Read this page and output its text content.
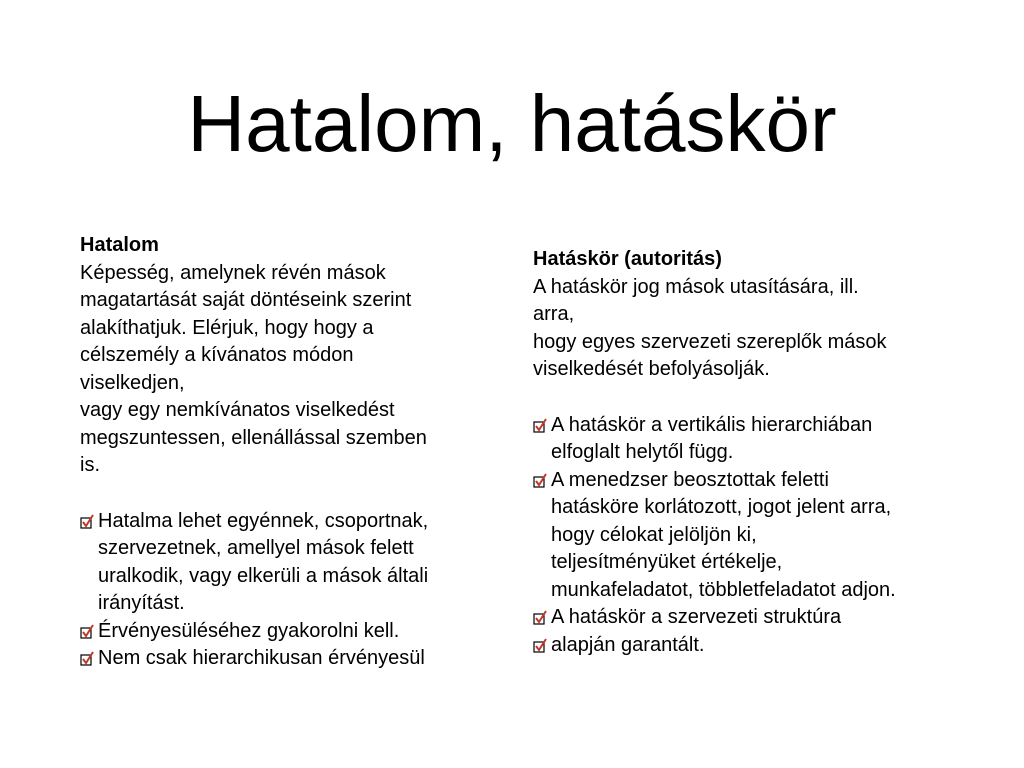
Hatalom, hatáskör
Hatalom
Képesség, amelynek révén mások
magatartását saját döntéseink szerint
alakíthatjuk. Elérjuk, hogy hogy a
célszemély a kívánatos módon
viselkedjen,
vagy egy nemkívánatos viselkedést
megszuntessen, ellenállással szemben
is.
Hatalma lehet egyénnek, csoportnak,
szervezetnek, amellyel mások felett
uralkodik, vagy elkerüli a mások általi
irányítást.
Érvényesüléséhez gyakorolni kell.
Nem csak hierarchikusan érvényesül
Hatáskör (autoritás)
A hatáskör jog mások utasítására, ill.
arra,
hogy egyes szervezeti szereplők mások
viselkedését befolyásolják.
A hatáskör a vertikális hierarchiában
elfoglalt helytől függ.
A menedzser beosztottak feletti
hatásköre korlátozott, jogot jelent arra,
hogy célokat jelöljön ki,
teljesítményüket értékelje,
munkafeladatot, többletfeladatot adjon.
A hatáskör a szervezeti struktúra
alapján garantált.
